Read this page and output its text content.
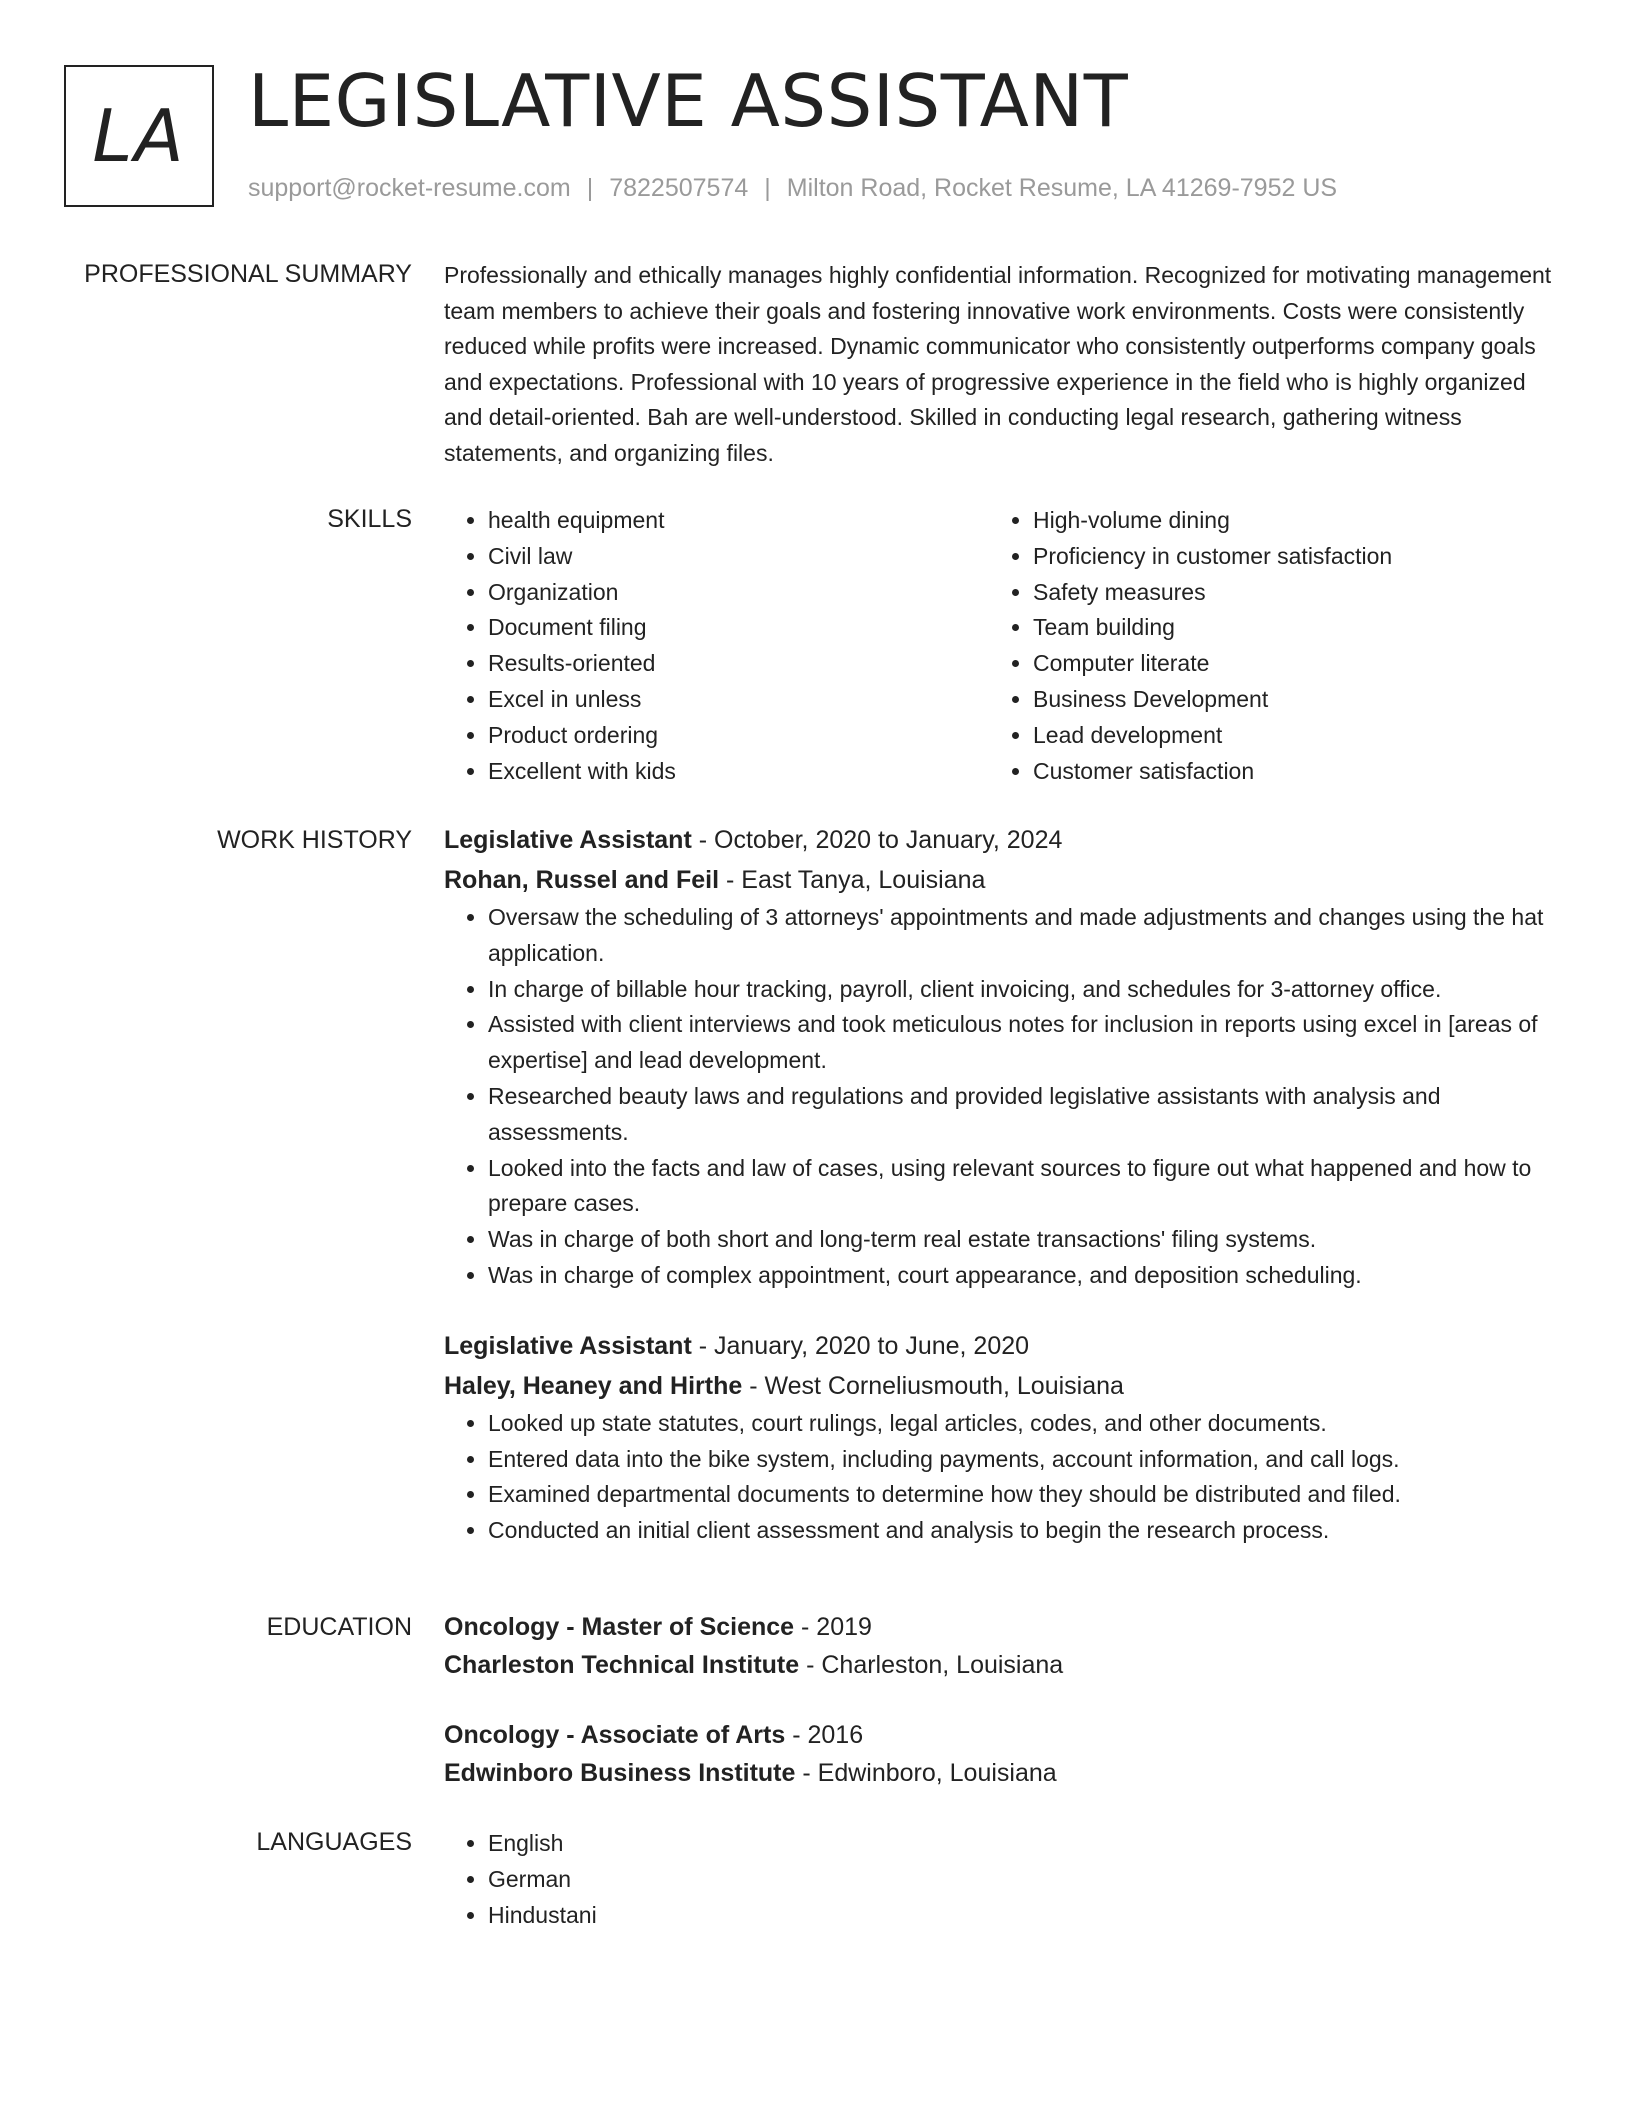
LA LEGISLATIVE ASSISTANT
support@rocket-resume.com | 7822507574 | Milton Road, Rocket Resume, LA 41269-7952 US
PROFESSIONAL SUMMARY Professionally and ethically manages highly confidential information. Recognized for motivating management team members to achieve their goals and fostering innovative work environments. Costs were consistently reduced while profits were increased. Dynamic communicator who consistently outperforms company goals and expectations. Professional with 10 years of progressive experience in the field who is highly organized and detail-oriented. Bah are well-understood. Skilled in conducting legal research, gathering witness statements, and organizing files.

SKILLS	• health equipment
• Civil law
• Organization
• Document filing
• Results-oriented
• Excel in unless
• Product ordering
• Excellent with kids
• High-volume dining
• Proficiency in customer satisfaction
• Safety measures
• Team building
• Computer literate
• Business Development
• Lead development
• Customer satisfaction
WORK HISTORY Legislative Assistant - October, 2020 to January, 2024
Rohan, Russel and Feil - East Tanya, Louisiana
• Oversaw the scheduling of 3 attorneys' appointments and made adjustments and changes using the hat application.
• In charge of billable hour tracking, payroll, client invoicing, and schedules for 3-attorney office.
• Assisted with client interviews and took meticulous notes for inclusion in reports using excel in [areas of expertise] and lead development.
• Researched beauty laws and regulations and provided legislative assistants with analysis and assessments.
• Looked into the facts and law of cases, using relevant sources to figure out what happened and how to prepare cases.
• Was in charge of both short and long-term real estate transactions' filing systems.
• Was in charge of complex appointment, court appearance, and deposition scheduling.
Legislative Assistant - January, 2020 to June, 2020
Haley, Heaney and Hirthe - West Corneliusmouth, Louisiana
• Looked up state statutes, court rulings, legal articles, codes, and other documents.
• Entered data into the bike system, including payments, account information, and call logs.
• Examined departmental documents to determine how they should be distributed and filed.
• Conducted an initial client assessment and analysis to begin the research process.
EDUCATION Oncology - Master of Science - 2019
Charleston Technical Institute - Charleston, Louisiana
Oncology - Associate of Arts - 2016
Edwinboro Business Institute - Edwinboro, Louisiana
LANGUAGES	• English
• German
• Hindustani
